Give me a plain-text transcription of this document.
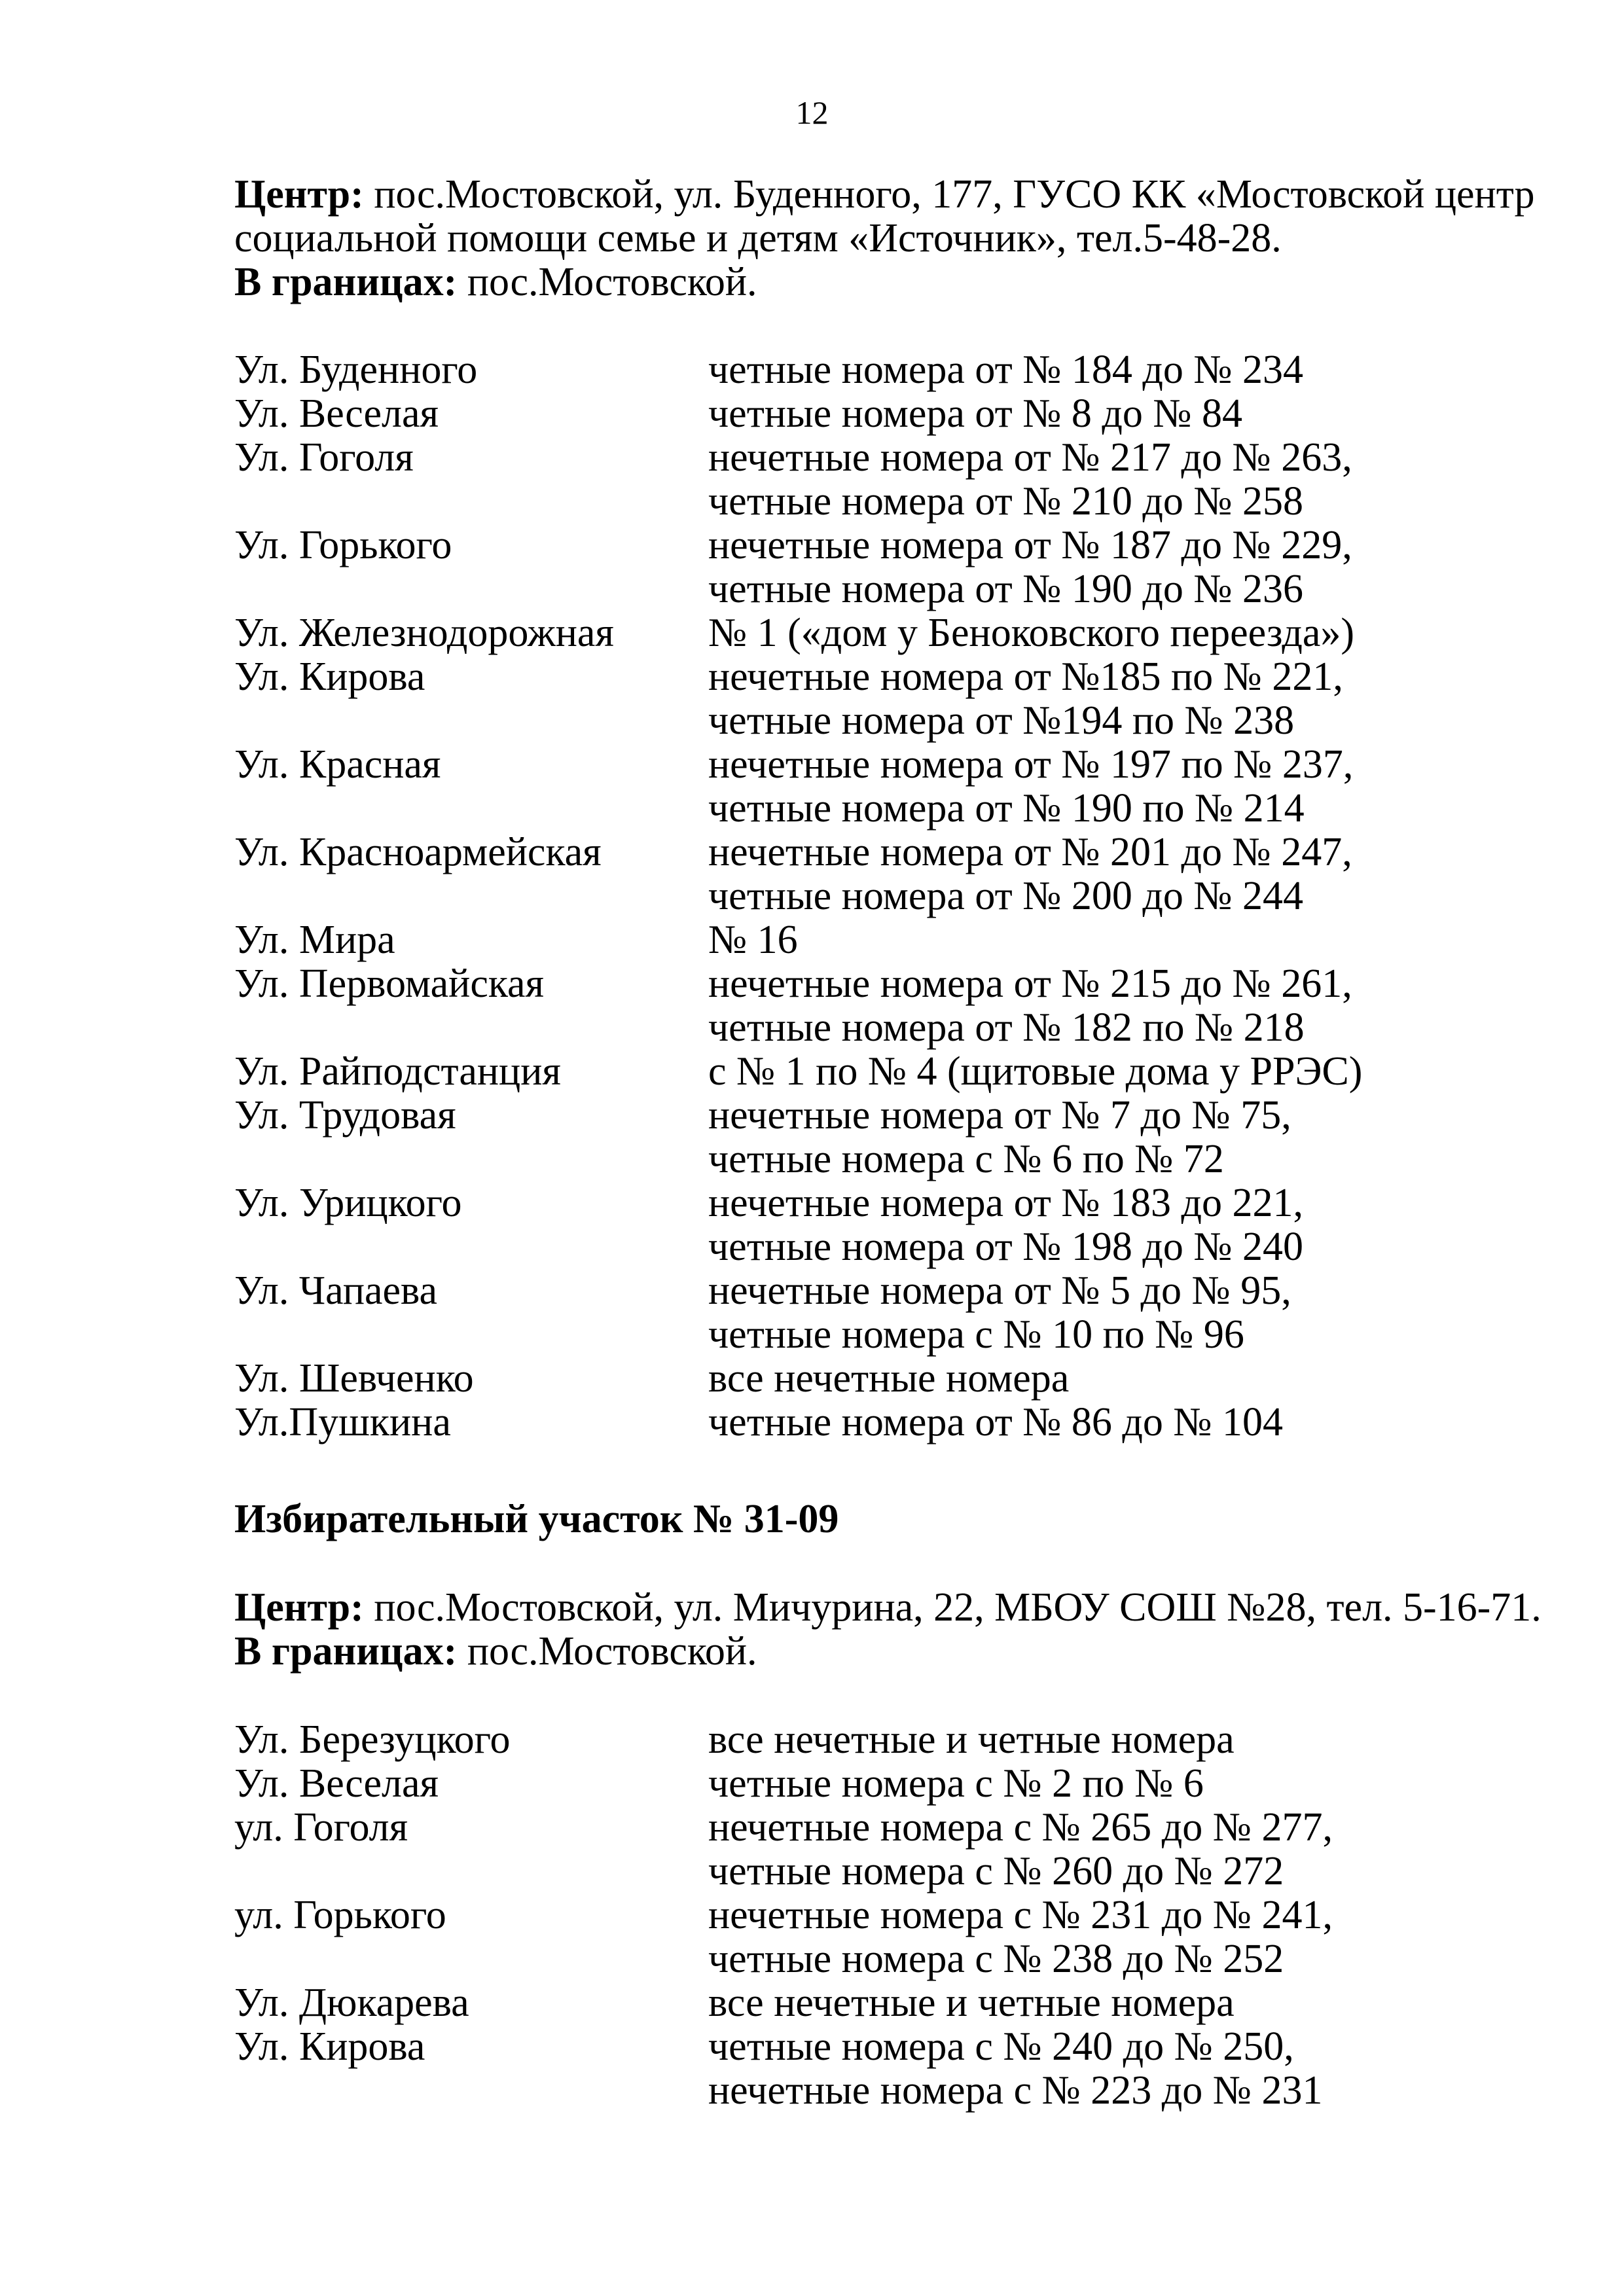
12

Центр: пос.Мостовской, ул. Буденного, 177, ГУСО КК «Мостовской центр

социальной помощи семье и детям «Источник», тел.5-48-28.

В границах: пос.Мостовской.

Ул. Буденного	четные номера от № 184 до № 234
Ул. Веселая	четные номера от № 8 до № 84
Ул. Гоголя	нечетные номера от № 217 до № 263,
четные номера от № 210 до № 258
Ул. Горького	нечетные номера от № 187 до № 229,
четные номера от № 190 до № 236
Ул. Железнодорожная	№ 1 («дом у Беноковского переезда»)
Ул. Кирова	нечетные номера от №185 по № 221,
четные номера от №194 по № 238
Ул. Красная	нечетные номера от № 197 по № 237,
четные номера от № 190 по № 214
Ул. Красноармейская	нечетные номера от № 201 до № 247,
четные номера от № 200 до № 244
Ул. Мира	№ 16
Ул. Первомайская	нечетные номера от № 215 до № 261,
четные номера от № 182 по № 218
Ул. Райподстанция	с № 1 по № 4 (щитовые дома у РРЭС)
Ул. Трудовая	нечетные номера от № 7 до № 75,
четные номера с № 6 по № 72
Ул. Урицкого	нечетные номера от № 183 до 221,
четные номера от № 198 до № 240
Ул. Чапаева	нечетные номера от № 5 до № 95,
четные номера с № 10 по № 96
Ул. Шевченко	все нечетные номера
Ул.Пушкина	четные номера от № 86 до № 104

Избирательный участок № 31-09

Центр: пос.Мостовской, ул. Мичурина, 22, МБОУ СОШ №28, тел. 5-16-71.

В границах: пос.Мостовской.

Ул. Березуцкого	все нечетные и четные номера
Ул. Веселая	четные номера с № 2 по № 6
ул. Гоголя	нечетные номера с № 265 до № 277,
четные номера с № 260 до № 272
ул. Горького	нечетные номера с № 231 до № 241,
четные номера с № 238 до № 252
Ул. Дюкарева	все нечетные и четные номера
Ул. Кирова	четные номера с № 240 до № 250,
нечетные номера с № 223 до № 231
